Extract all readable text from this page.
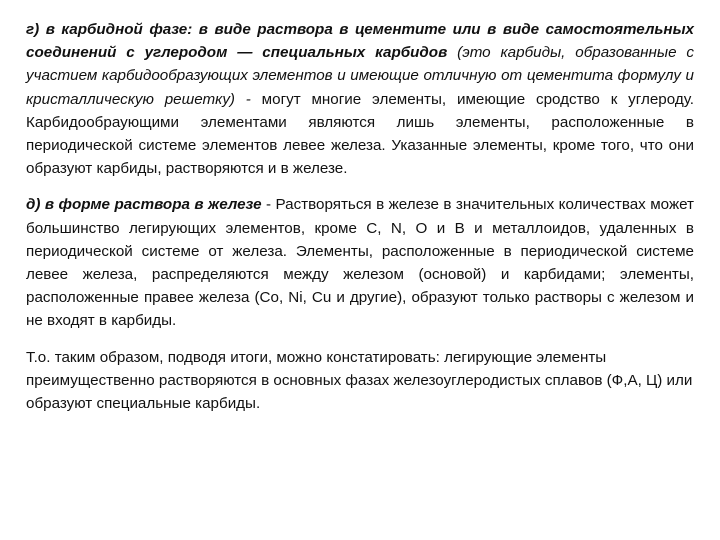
г) в карбидной фазе: в виде раствора в цементите или в виде самостоятельных соединений с углеродом — специальных карбидов (это карбиды, образованные с участием карбидообразующих элементов и имеющие отличную от цементита формулу и кристаллическую решетку) - могут многие элементы, имеющие сродство к углероду. Карбидообраующими элементами являются лишь элементы, расположенные в периодической системе элементов левее железа. Указанные элементы, кроме того, что они образуют карбиды, растворяются и в железе.

д) в форме раствора в железе - Растворяться в железе в значительных количествах может большинство легирующих элементов, кроме C, N, O и B и металлоидов, удаленных в периодической системе от железа. Элементы, расположенные в периодической системе левее железа, распределяются между железом (основой) и карбидами; элементы, расположенные правее железа (Co, Ni, Cu и другие), образуют только растворы с железом и не входят в карбиды.

Т.о. таким образом, подводя итоги, можно констатировать: легирующие элементы преимущественно растворяются в основных фазах железоуглеродистых сплавов (Ф,А, Ц) или образуют специальные карбиды.
